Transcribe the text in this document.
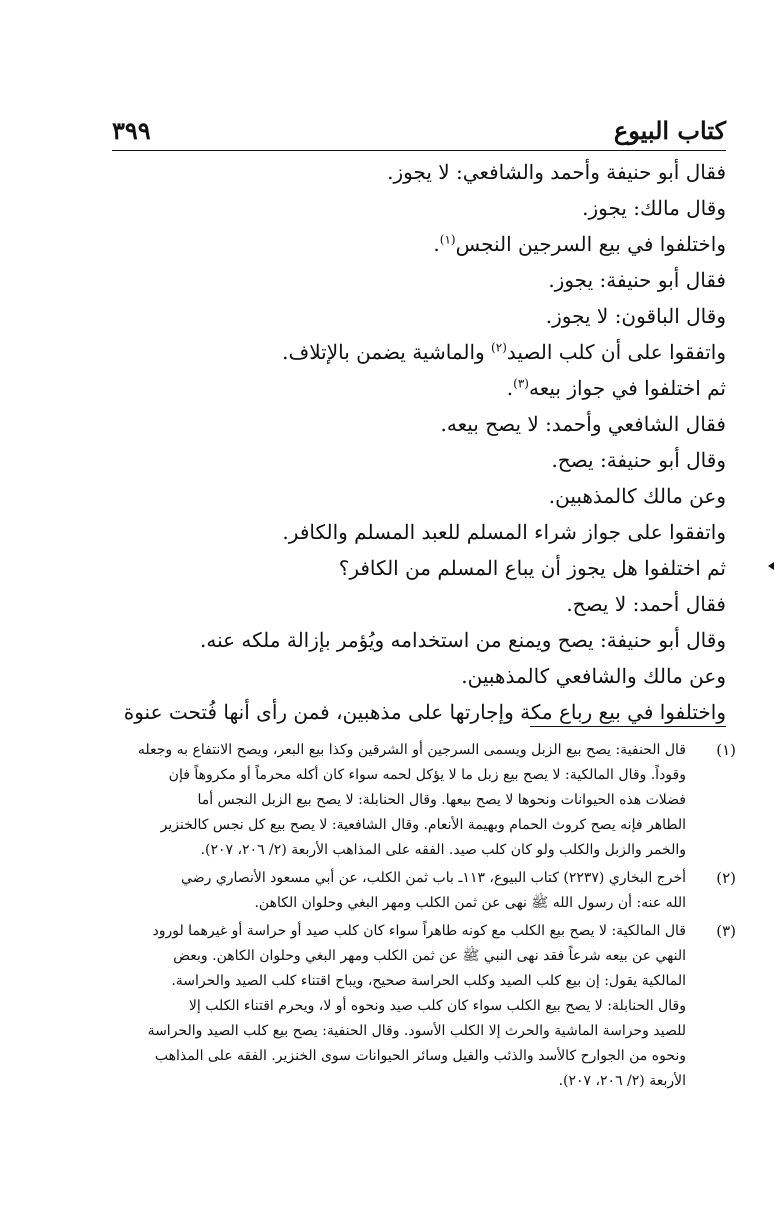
كتاب البيوع
٣٩٩
فقال أبو حنيفة وأحمد والشافعي: لا يجوز.
وقال مالك: يجوز.
واختلفوا في بيع السرجين النجس$^{(١)}$.
فقال أبو حنيفة: يجوز.
وقال الباقون: لا يجوز.
واتفقوا على أن كلب الصيد$^{(٢)}$ والماشية يضمن بالإتلاف.
ثم اختلفوا في جواز بيعه$^{(٣)}$.
فقال الشافعي وأحمد: لا يصح بيعه.
وقال أبو حنيفة: يصح.
وعن مالك كالمذهبين.
واتفقوا على جواز شراء المسلم للعبد المسلم والكافر.
ثم اختلفوا هل يجوز أن يباع المسلم من الكافر؟
فقال أحمد: لا يصح.
وقال أبو حنيفة: يصح ويمنع من استخدامه ويُؤمر بإزالة ملكه عنه.
وعن مالك والشافعي كالمذهبين.
واختلفوا في بيع رباع مكة وإجارتها على مذهبين، فمن رأى أنها فُتحت عنوة
(١)
قال الحنفية: يصح بيع الزبل ويسمى السرجين أو الشرقين وكذا بيع البعر، ويصح الانتفاع به وجعله
وقوداً. وقال المالكية: لا يصح بيع زبل ما لا يؤكل لحمه سواء كان أكله محرماً أو مكروهاً فإن
فضلات هذه الحيوانات ونحوها لا يصح بيعها. وقال الحنابلة: لا يصح بيع الزبل النجس أما
الطاهر فإنه يصح كروث الحمام وبهيمة الأنعام. وقال الشافعية: لا يصح بيع كل نجس كالخنزير
والخمر والزبل والكلب ولو كان كلب صيد. الفقه على المذاهب الأربعة (٢/ ٢٠٦، ٢٠٧).
(٢)
أخرج البخاري (٢٢٣٧) كتاب البيوع، ١١٣ـ باب ثمن الكلب، عن أبي مسعود الأنصاري رضي
الله عنه: أن رسول الله ﷺ نهى عن ثمن الكلب ومهر البغي وحلوان الكاهن.
(٣)
قال المالكية: لا يصح بيع الكلب مع كونه طاهراً سواء كان كلب صيد أو حراسة أو غيرهما لورود
النهي عن بيعه شرعاً فقد نهى النبي ﷺ عن ثمن الكلب ومهر البغي وحلوان الكاهن. وبعض
المالكية يقول: إن بيع كلب الصيد وكلب الحراسة صحيح، ويباح اقتناء كلب الصيد والحراسة.
وقال الحنابلة: لا يصح بيع الكلب سواء كان كلب صيد ونحوه أو لا، ويحرم اقتناء الكلب إلا
للصيد وحراسة الماشية والحرث إلا الكلب الأسود. وقال الحنفية: يصح بيع كلب الصيد والحراسة
ونحوه من الجوارح كالأسد والذئب والفيل وسائر الحيوانات سوى الخنزير. الفقه على المذاهب
الأربعة (٢/ ٢٠٦، ٢٠٧).
